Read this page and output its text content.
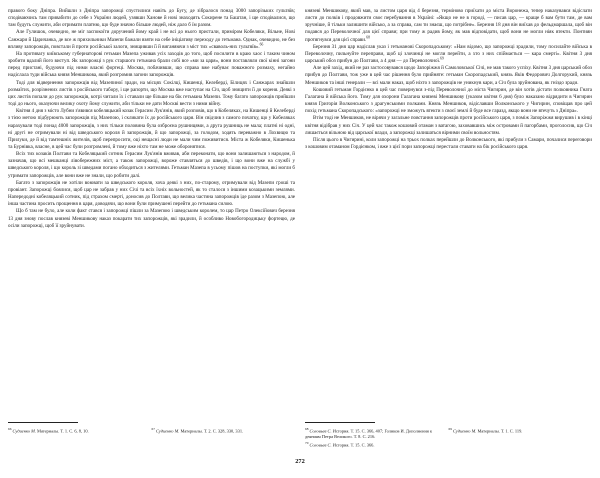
правого боку Дніпра. Вийшли з Дніпра запорожці спустилися навіть до Бугу, де зібралося понад 3000 запорізьких гультяїв; сподіваючись там привабити до себе з України людей, узявши Ханове й нові знаходять Сокирене та Баштан, і ще сподівалися, що там будуть служити, аби отримати платню, що буде значно більше людей, ніж дало б їм разом.

Але Гулишок, очевидно, не міг заспокоїти доручений йому край і не всі до нього пристали, приміром Кобеляки, Вільне, Нові Санжари й Царичанка, де все ж прихильники Мазепи бажали взяти на себе ініціативу переходу до гетьмана. Однак, очевидно, не без впливу запорожців, повстали й проти російської залоги, знищивши її й виганяючи з міст тих «сваволь-них гультяїв».$^{66}$

На противагу київському губернаторові гетьман Мазепа уживав усіх заходів до того, щоб посилити в краю хаос і таким чином зробити вдалий його виступ. Як запорожці з рук старшого гетьмана брали собі все «ми за царя», вони поставляли свої кінні загони перед пристані, будуючи під ними власні фортеці. Москва, побачивши, що справа вже набуває поважного розмаху, негайно надіслала туди війська князя Меншикова, який розгромив загони запорожців.

Тоді для відвернення запорожців від Мазепиної зради, на місцях Сокілці, Кишенці, Келеберді, Білицях і Санжарах знайшли розмаїтих, розрізнених листів з російського табору, і ще рапорти, що Москва вже наступає на Січ, щоб знищити її до кореня. Деякі з цих листів попали до рук запорожців, котрі читали їх і ставали ще більше на бік гетьмана Мазепи. Тому багато запорожців прийшли тоді до нього, оказуючи велику охоту йому служити, аби тільки не дати Москві вести з ними війну.

Квітня 4 дня з місто Лубни з'явився кобеляцький козак Герасим Лук'янів, який розповів, що в Кобеляках, на Кишенці й Келеберді з тією метою підбурюють запорожців під Мазепою, і скликати їх до російського царя. Він свідчив з самого початку, що у Кобеляках нарахували тоді понад 4000 запорожців, з них тільки половина була озброєна рушницями, а друга рушниць не мала; платні ні одні, ні другі не отримували ні від шведського короля й запорожців, й що запорожці, за голодом, ходять переважно в Лохвицю та Прилуки, де й від тамтешніх жителів, щоб перепросити, оці нещасні люди не мали чим поживитися. Міста ж Кобеляки, Кишенька та Бурнівка, власне, в цей час були розгромлені, й тому вже ніхто там не може оборонятися.

Всіх тих козаків Полтави та Кобеляцький сотник Герасим Лук'янів вживав, аби переконати, що вони залишаються з народом, й зазначав, що всі мешканці лівобережних міст, а також запорожці, вороже ставляться до шведів, і що вони вже на службі у шведського короля, і що король зі шведами погано обходиться з жителями. Гетьман Мазепа в усьому пішов на поступки, які могли б утримати запорожців, але вони вже не знали, що робити далі.

Багато з запорожців не хотіли воювати за шведського короля, хоча деякі з них, по-старому, отримували від Мазепи гроші та провіант. Запорожці боялися, щоб цар не забрав у них Січі та всіх їхніх вольностей, як то сталося з іншими козацькими землями. Напередодні кобеляцький сотник, під страхом смерті, доносив до Полтави, що велика частина запорожців іде разом з Мазепою, але інша частина просить прощення в царя, доводячи, що вони були примушені перейти до гетьмана силою.

Що б там не було, але коли факт стався і запорожці пішли за Мазепою і шведським королем, то цар Петро Олексійович березня 13 дня знову послав князеві Меншикову наказ покарати тих запорожців, які зрадили, й особливо Новобогородицьку фортецю, де осіли запорожці, щоб її зруйнувати.

князеві Меншикову, який мав, за листом царя від 4 березня, терміново приїхати до міста Воронежа, тепер наказувався відіслати листи до полків і продовжити своє перебування в Україні: «Якщо не не в городі, — писав цар, — краще б вам бути там, де вам зручніше, й тільки залишити військо, а за справа, сам ти знаєш, що потрібне». Березня 18 дня він виїхав до фельдмаршала, щоб він подався до Переволочної для цієї справи; при тому ж радив йому, як мав відповідати, щоб вони не могли ніяк втекти. Понтиян протягнувся для цієї справи.$^{68}$

Березня 31 дня цар надіслав указ і гетьманові Скоропадському: «Нам відомо, що запорожці зрадили, тому посилайте війська в Переволочну, пильнуйте переправи, щоб ці злочинці не могли перейти, а хто з них спіймається — кара смерті». Квітня 3 дня царський обоз прибув до Полтави, а 4 дня — до Переволочної.$^{69}$

Але цей захід, який не раз застосовувався щодо Запоріжжя й Самоловської Січі, не мав такого успіху. Квітня 3 дня царський обоз прибув до Полтави, тож уже в цей час рішення було прийняте: гетьман Скоропадський, князь Яків Федорович Долгорукий, князь Меншиков та інші генерали — всі мали наказ, щоб ніхто з запорожців не уникнув кари, а Січ була зруйнована, як гніздо зради.

Кошовий гетьман Гордієнко в цей час повернувся з-під Переволочної до міста Чигирин, де він хотів дістати полковника Гната Галагана й війська його. Тому для охорони Галагана князеві Меншикову (указом квітня 6 дня) було наказано відрядити в Чигирин князя Григорія Волконського з драгунськими полками. Князь Меншиков, відіславши Волконського у Чигирин, сповіщав про цей похід гетьмана Скоропадського: «запорожці не зможуть втекти з своєї землі й буде все гаразд, якщо вони не втечуть з Дніпра».

Втім тоді не Меншиков, не вірячи у загальне повстання запорожців проти російського царя, з поміж Запоріжжя вирушив і в кінці квітня відібрав у них Січ. У цей час також кошовий отаман з ватагою, заховавшись між островами й пагорбами, проголосив, що Січ лишається вільною від царської влади, а запорожці залишаться вірними своїм вольностям.

Після цього в Чигирині, коли запорожці на трьох полках перейшли до Волконського, які прибули з Самари, почалися переговори з кошовим отаманом Гордієнком, і вже з цієї пори запорожці перестали ставати на бік російського царя.

$^{66}$ Судиенко М. Материалы. Т. 1. С. 6, 8, 10.	$^{67}$ Судиенко М. Материалы. Т. 2. С. 328, 330, 331.	$^{68}$ Соловьев С. История. Т. 15. С. 366, 407; Голиков И. Дополнения к деяниям Петра Великого. Т. 8. С. 216.
$^{69}$ Судиенко М. Материалы. Т. 1. С. 119.
$^{70}$ Соловьев С. История. Т. 15. С. 366.
272
